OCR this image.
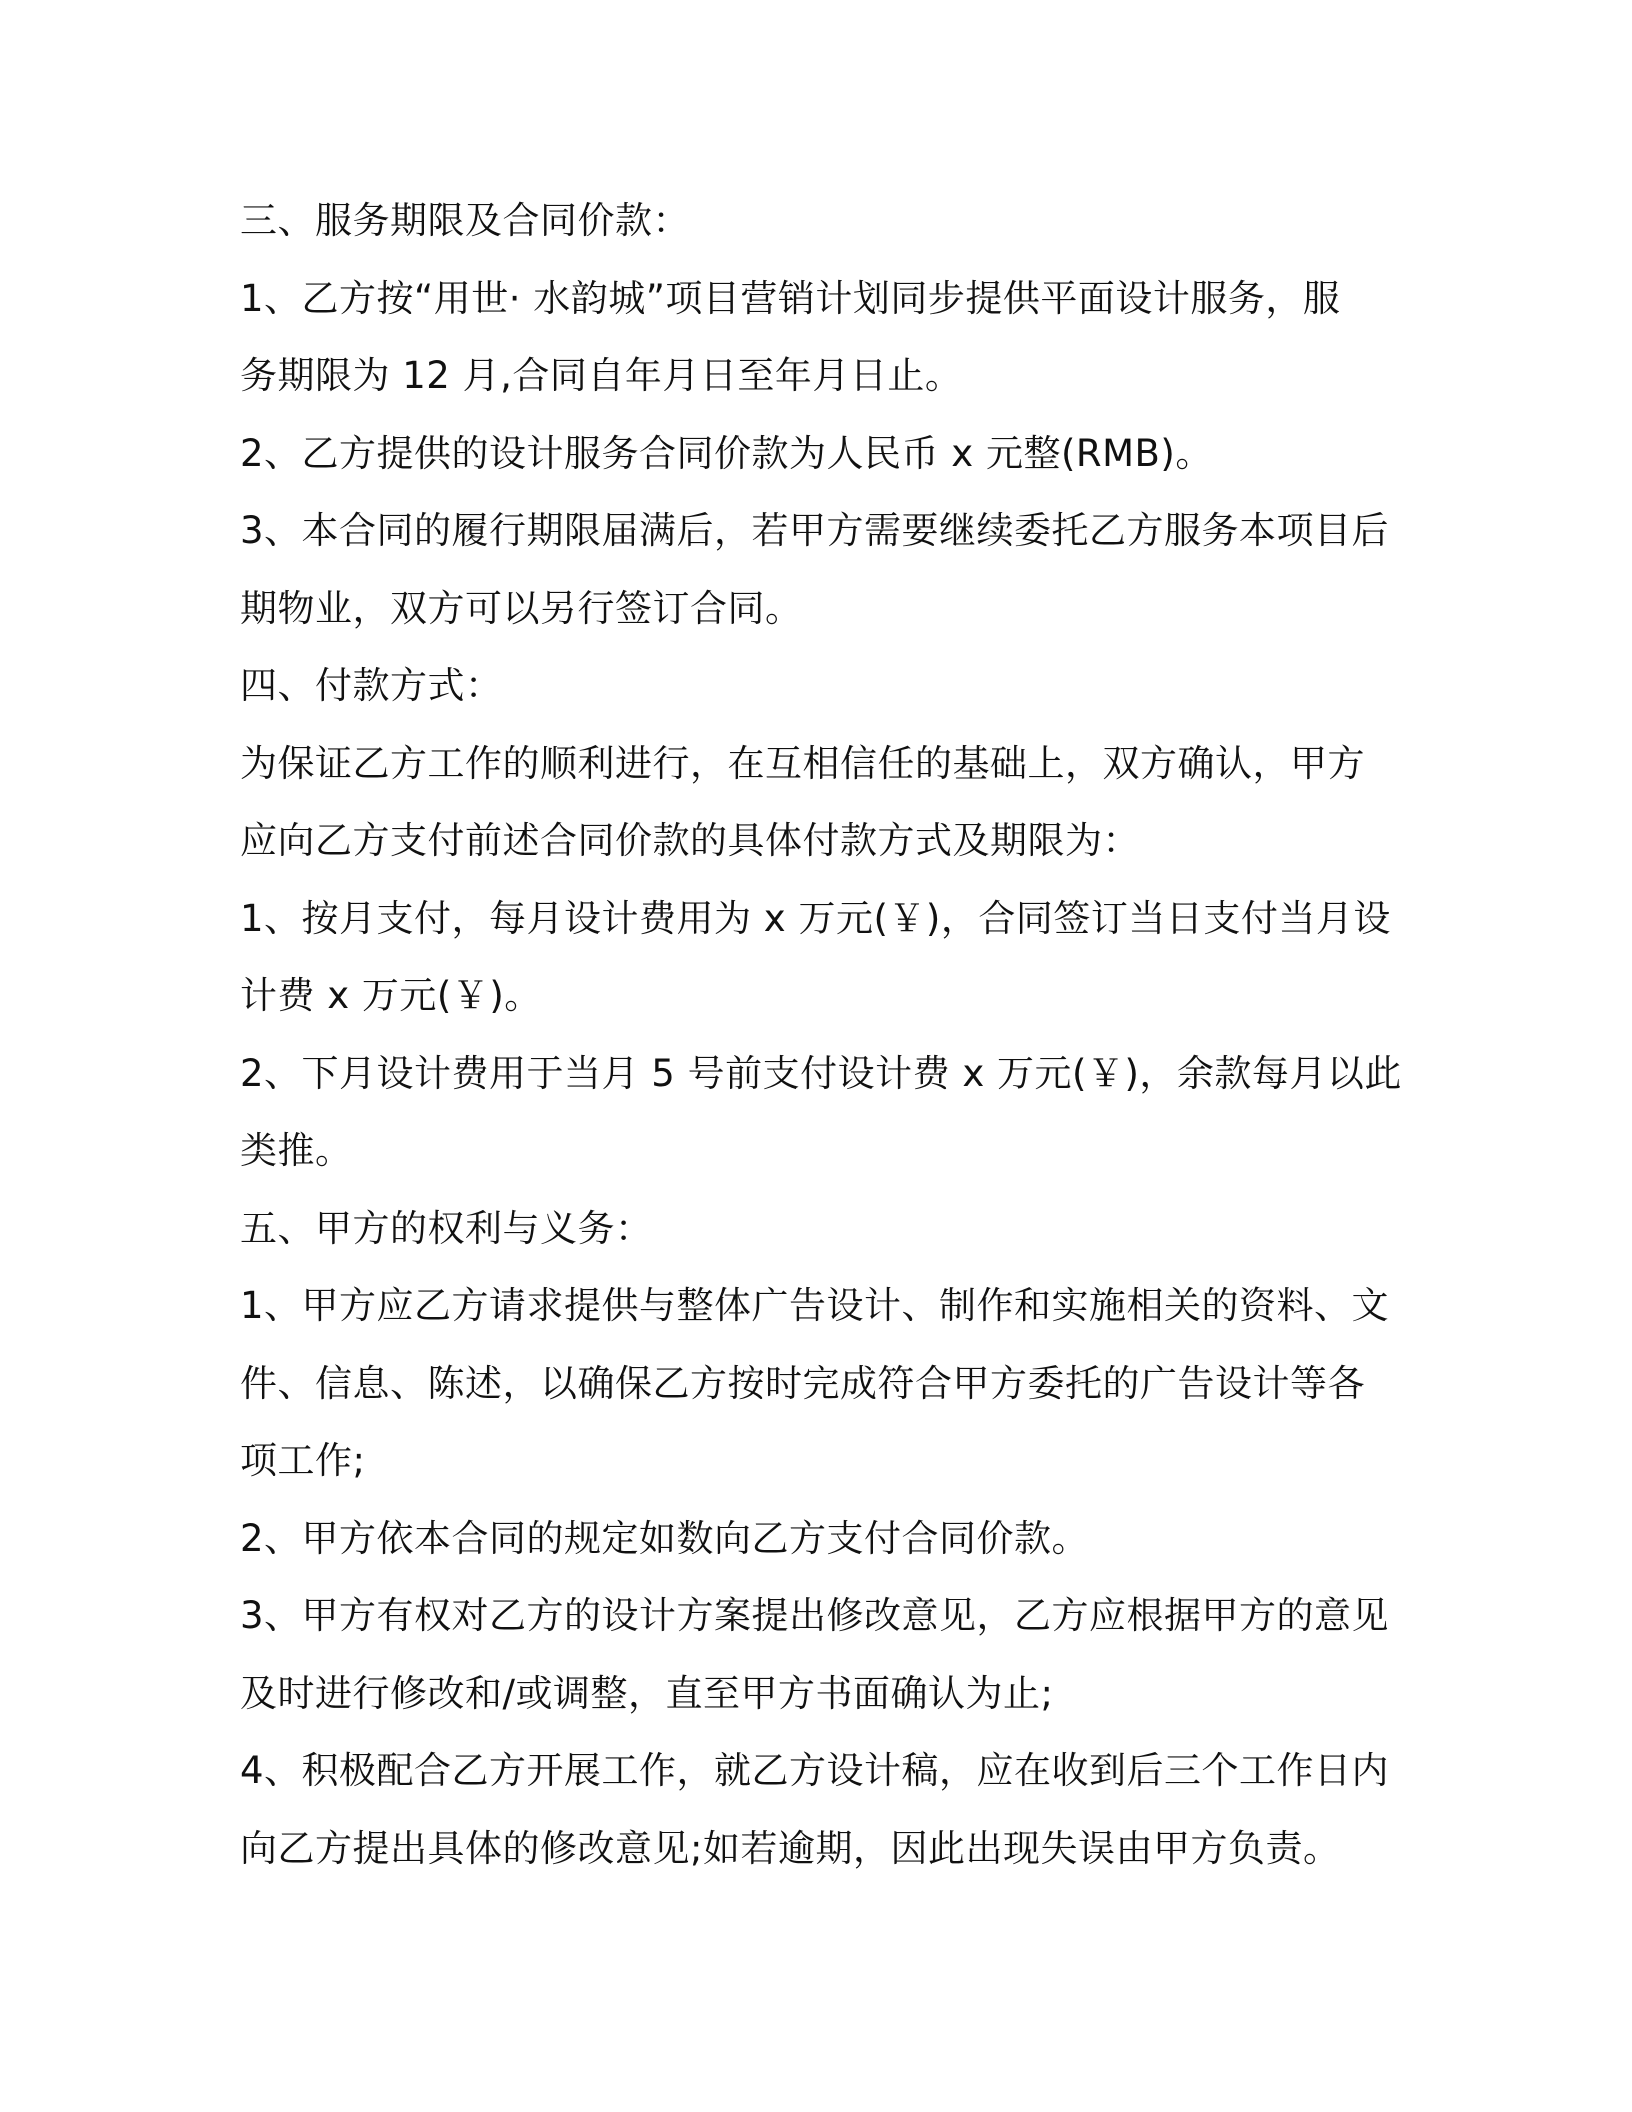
三、服务期限及合同价款：
1、乙方按“用世· 水韵城”项目营销计划同步提供平面设计服务，服
务期限为 12 月,合同自年月日至年月日止。
2、乙方提供的设计服务合同价款为人民币 x 元整(RMB)。
3、本合同的履行期限届满后，若甲方需要继续委托乙方服务本项目后
期物业，双方可以另行签订合同。
四、付款方式：
为保证乙方工作的顺利进行，在互相信任的基础上，双方确认，甲方
应向乙方支付前述合同价款的具体付款方式及期限为：
1、按月支付，每月设计费用为 x 万元(￥)，合同签订当日支付当月设
计费 x 万元(￥)。
2、下月设计费用于当月 5 号前支付设计费 x 万元(￥)，余款每月以此
类推。
五、甲方的权利与义务：
1、甲方应乙方请求提供与整体广告设计、制作和实施相关的资料、文
件、信息、陈述，以确保乙方按时完成符合甲方委托的广告设计等各
项工作;
2、甲方依本合同的规定如数向乙方支付合同价款。
3、甲方有权对乙方的设计方案提出修改意见，乙方应根据甲方的意见
及时进行修改和/或调整，直至甲方书面确认为止;
4、积极配合乙方开展工作，就乙方设计稿，应在收到后三个工作日内
向乙方提出具体的修改意见;如若逾期，因此出现失误由甲方负责。
